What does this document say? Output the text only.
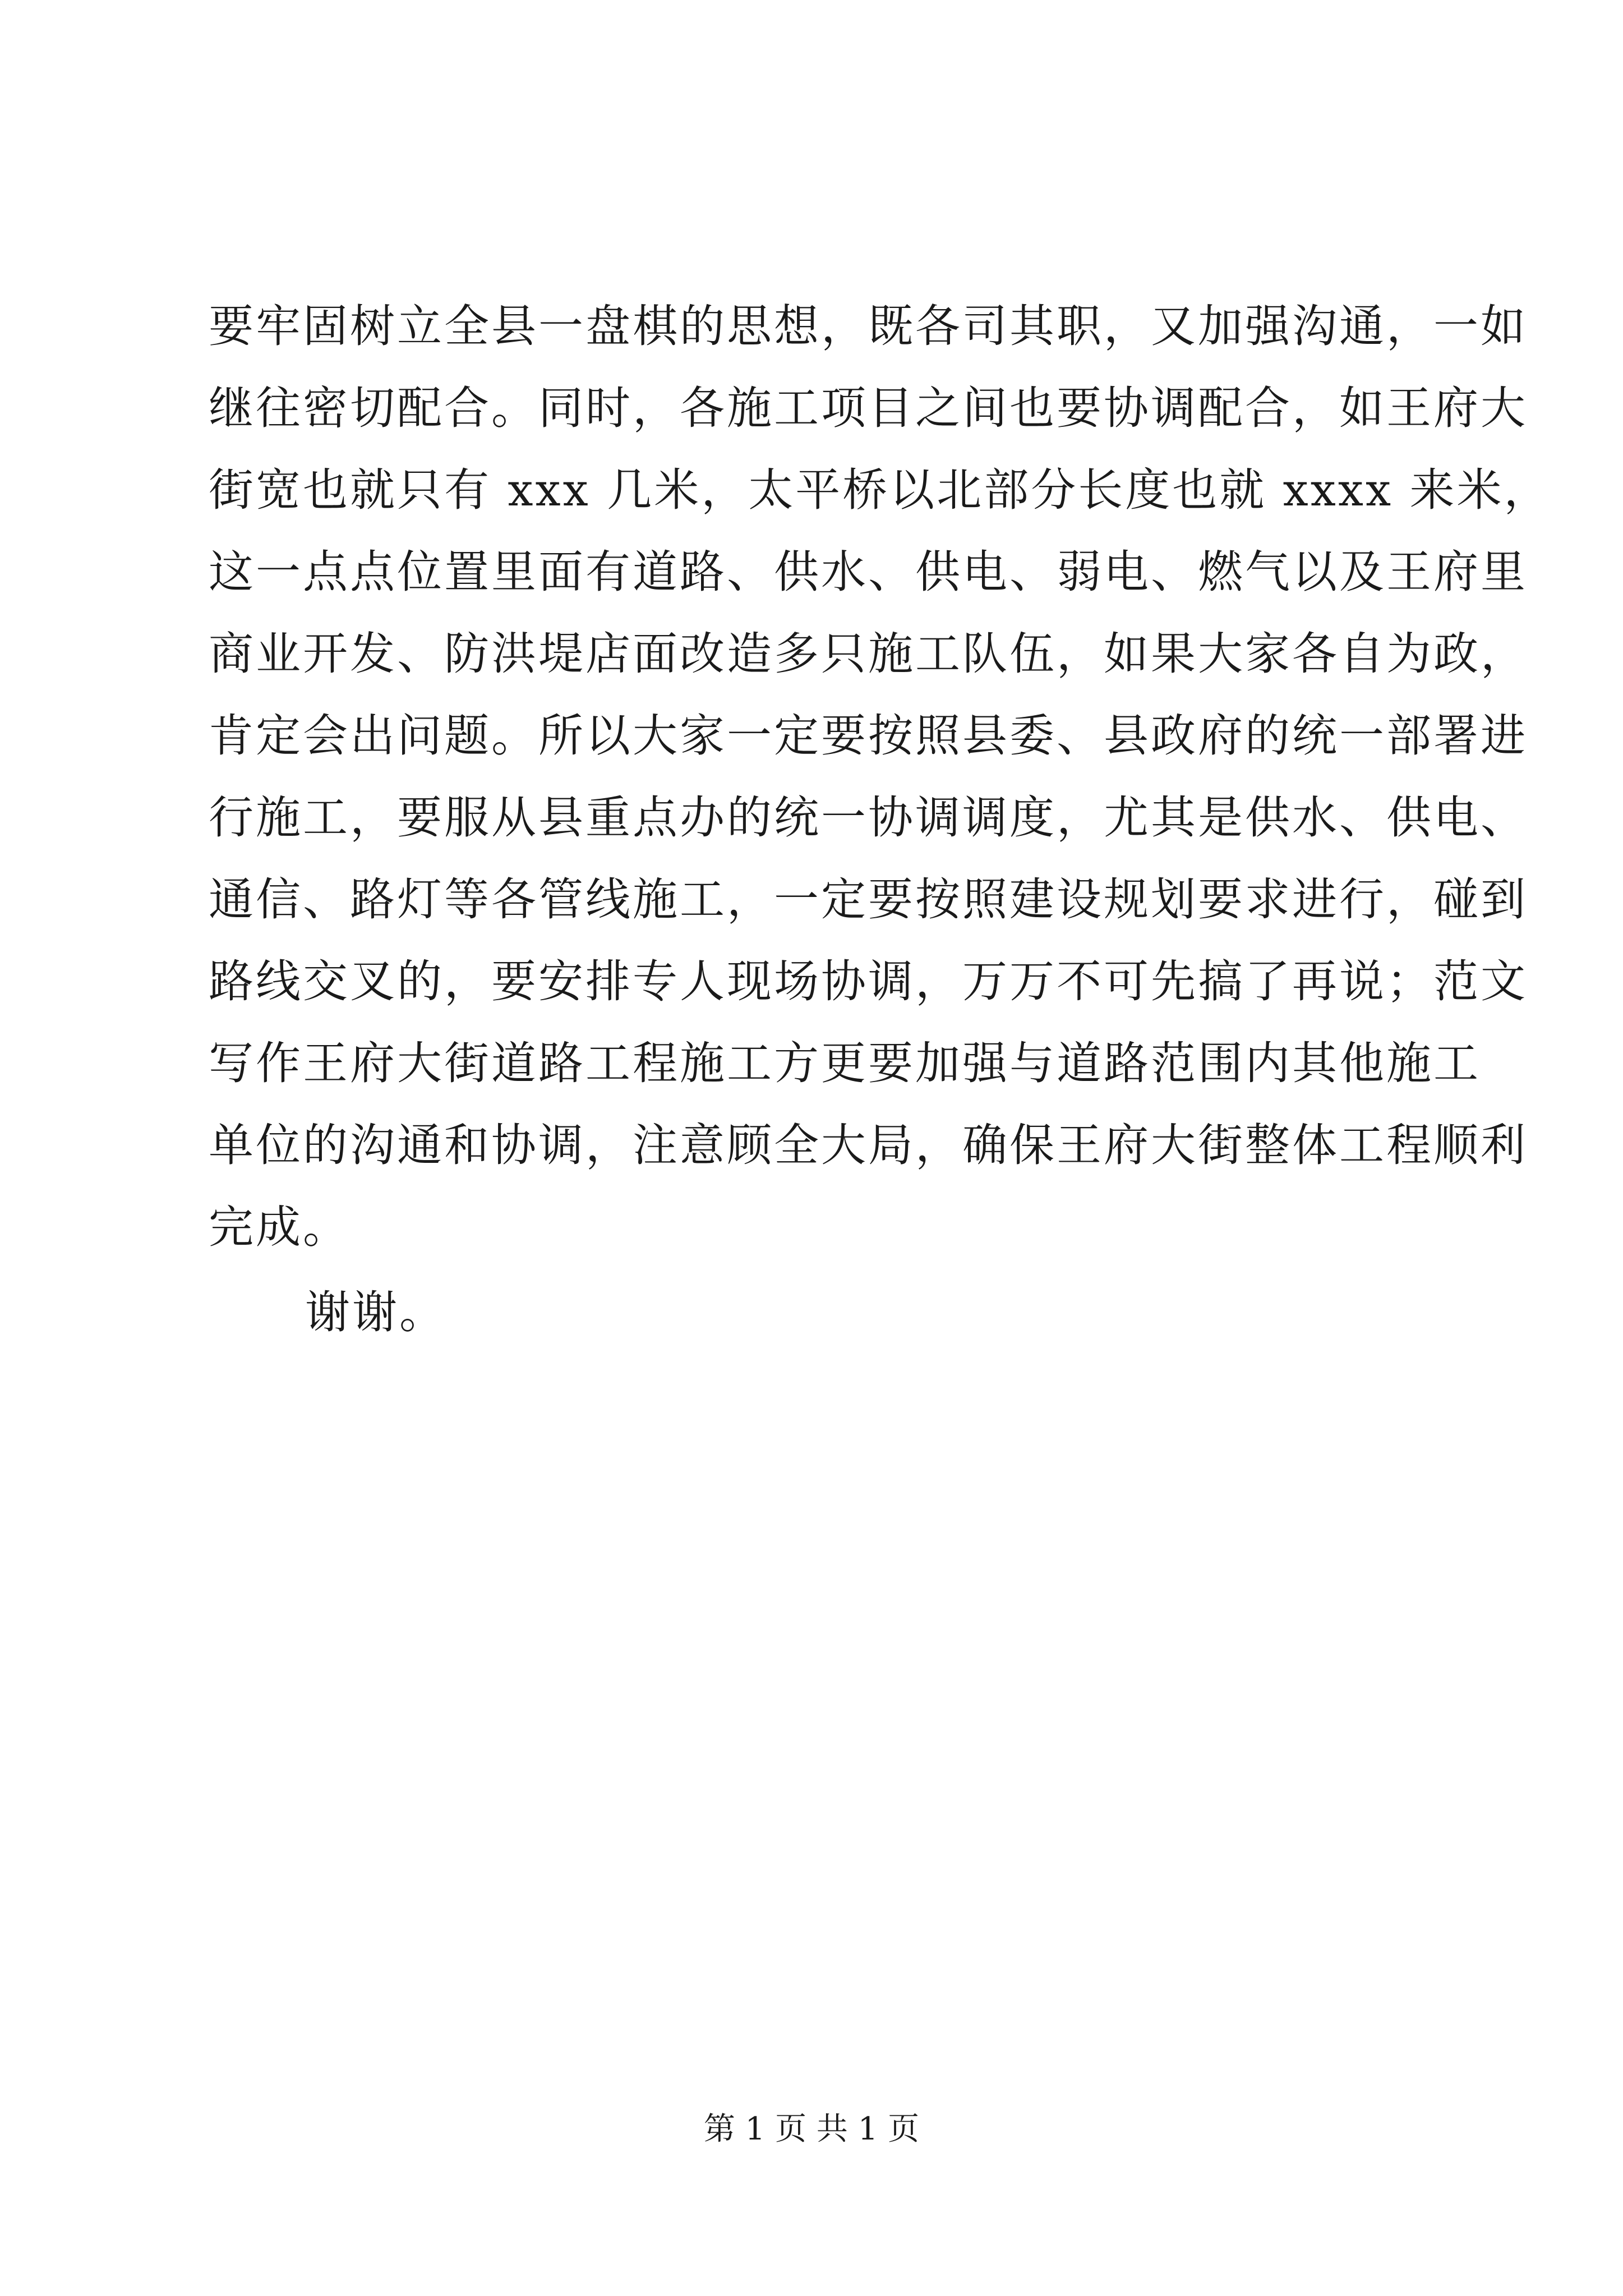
要牢固树立全县一盘棋的思想，既各司其职，又加强沟通，一如
继往密切配合。同时，各施工项目之间也要协调配合，如王府大
街宽也就只有 xxx 几米，太平桥以北部分长度也就 xxxx 来米，
这一点点位置里面有道路、供水、供电、弱电、燃气以及王府里
商业开发、防洪堤店面改造多只施工队伍，如果大家各自为政，
肯定会出问题。所以大家一定要按照县委、县政府的统一部署进
行施工，要服从县重点办的统一协调调度，尤其是供水、供电、
通信、路灯等各管线施工，一定要按照建设规划要求进行，碰到
路线交叉的，要安排专人现场协调，万万不可先搞了再说；范文
写作王府大街道路工程施工方更要加强与道路范围内其他施工
单位的沟通和协调，注意顾全大局，确保王府大街整体工程顺利
完成。
谢谢。
第 1 页 共 1 页
